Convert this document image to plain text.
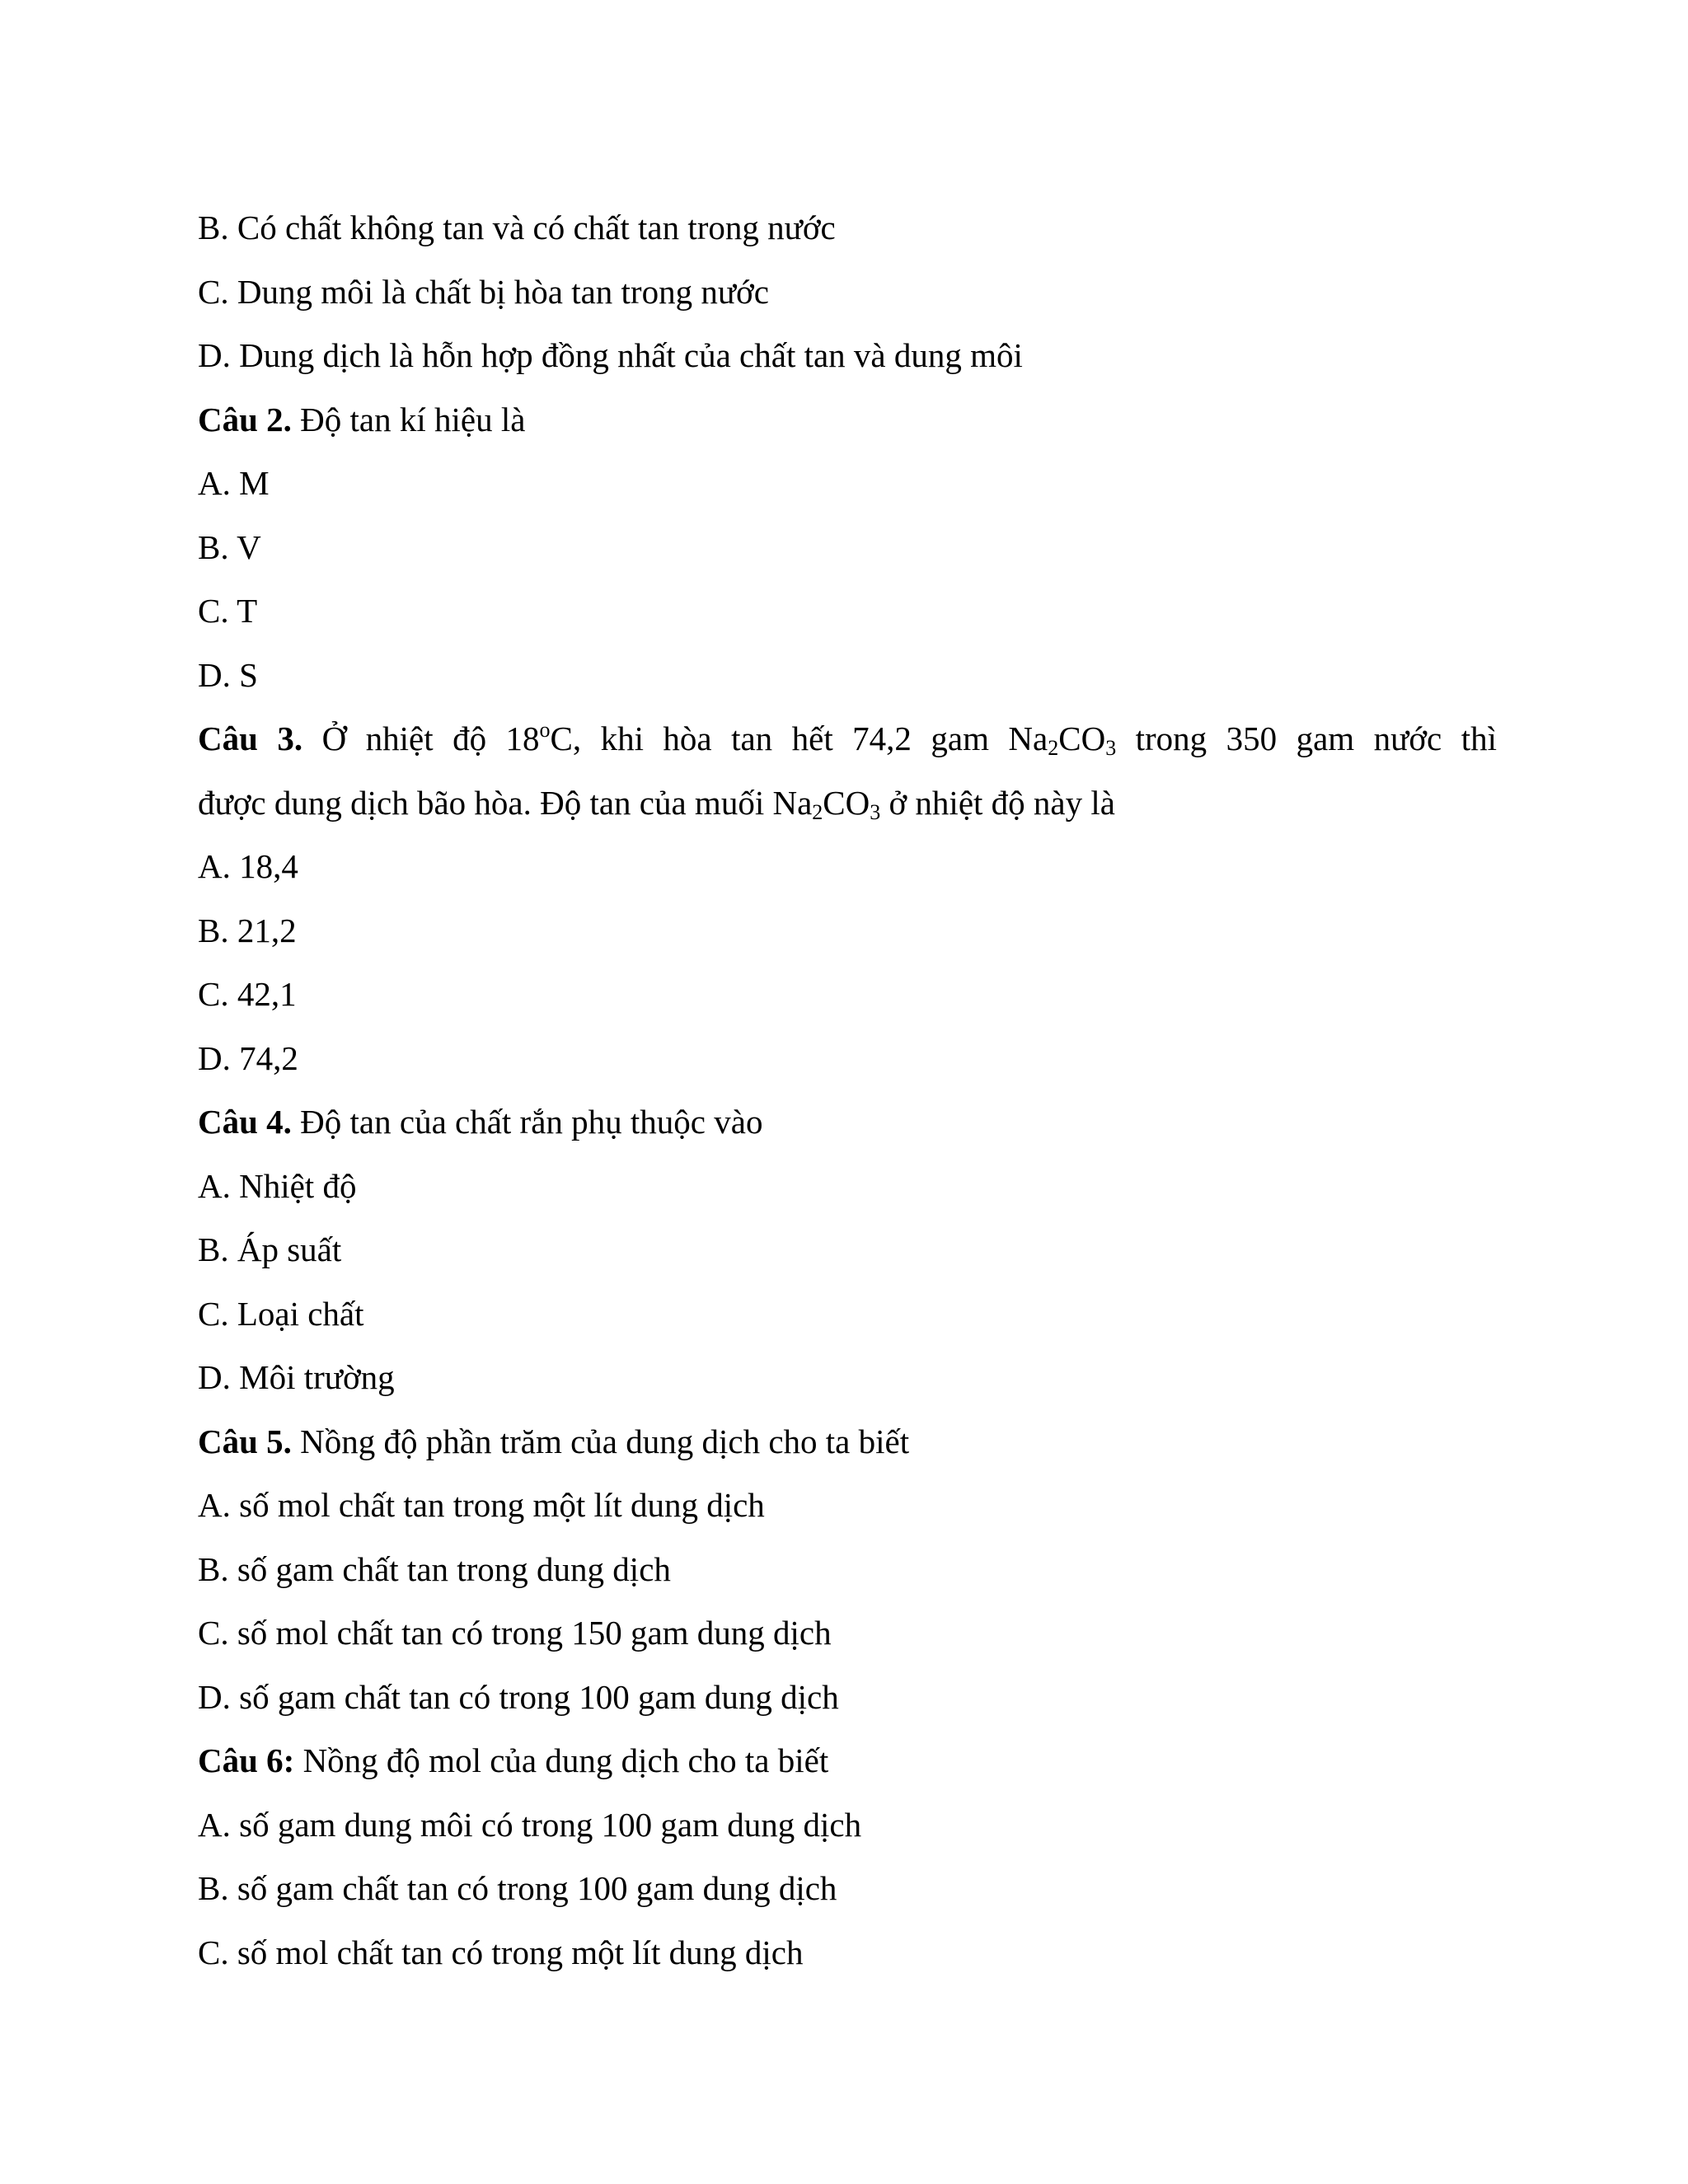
B. Có chất không tan và có chất tan trong nước
C. Dung môi là chất bị hòa tan trong nước
D. Dung dịch là hỗn hợp đồng nhất của chất tan và dung môi
Câu 2. Độ tan kí hiệu là
A. M
B. V
C. T
D. S
Câu 3. Ở nhiệt độ 18$^o$C, khi hòa tan hết 74,2 gam $Na_2CO_3$ trong 350 gam nước thì
được dung dịch bão hòa. Độ tan của muối $Na_2CO_3$ ở nhiệt độ này là
A. 18,4
B. 21,2
C. 42,1
D. 74,2
Câu 4. Độ tan của chất rắn phụ thuộc vào
A. Nhiệt độ
B. Áp suất
C. Loại chất
D. Môi trường
Câu 5. Nồng độ phần trăm của dung dịch cho ta biết
A. số mol chất tan trong một lít dung dịch
B. số gam chất tan trong dung dịch
C. số mol chất tan có trong 150 gam dung dịch
D. số gam chất tan có trong 100 gam dung dịch
Câu 6: Nồng độ mol của dung dịch cho ta biết
A. số gam dung môi có trong 100 gam dung dịch
B. số gam chất tan có trong 100 gam dung dịch
C. số mol chất tan có trong một lít dung dịch
